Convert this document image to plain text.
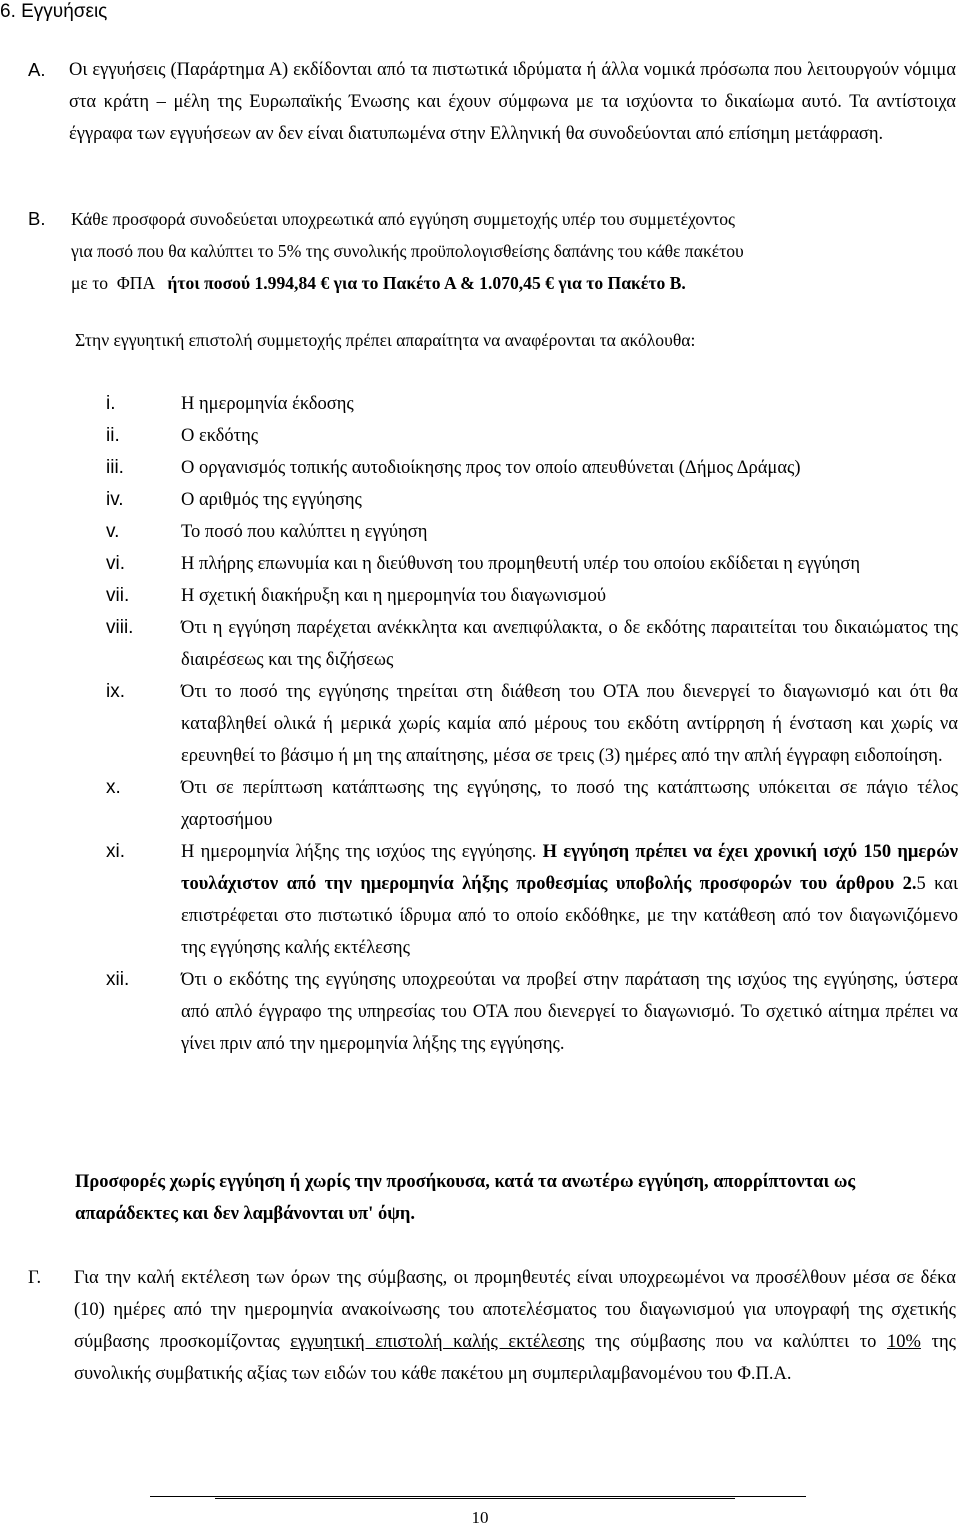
6. Εγγυήσεις
Α. Οι εγγυήσεις (Παράρτημα Α) εκδίδονται από τα πιστωτικά ιδρύματα ή άλλα νομικά πρόσωπα που λειτουργούν νόμιμα στα κράτη – μέλη της Ευρωπαϊκής Ένωσης και έχουν σύμφωνα με τα ισχύοντα το δικαίωμα αυτό. Τα αντίστοιχα έγγραφα των εγγυήσεων αν δεν είναι διατυπωμένα στην Ελληνική θα συνοδεύονται από επίσημη μετάφραση.
Β. Κάθε προσφορά συνοδεύεται υποχρεωτικά από εγγύηση συμμετοχής υπέρ του συμμετέχοντος
για ποσό που θα καλύπτει το 5% της συνολικής προϋπολογισθείσης δαπάνης του κάθε πακέτου
με το  ΦΠΑ   ήτοι ποσού 1.994,84 € για το Πακέτο Α & 1.070,45 € για το Πακέτο Β.
Στην εγγυητική επιστολή συμμετοχής πρέπει απαραίτητα να αναφέρονται τα ακόλουθα:
i.	Η ημερομηνία έκδοσης
ii.	Ο εκδότης
iii.	Ο οργανισμός τοπικής αυτοδιοίκησης προς τον οποίο απευθύνεται (Δήμος Δράμας)
iv.	Ο αριθμός της εγγύησης
v.	Το ποσό που καλύπτει η εγγύηση
vi.	Η πλήρης επωνυμία και η διεύθυνση του προμηθευτή υπέρ του οποίου εκδίδεται η εγγύηση
vii.	Η σχετική διακήρυξη και η ημερομηνία του διαγωνισμού
viii.	Ότι η εγγύηση παρέχεται ανέκκλητα και ανεπιφύλακτα, ο δε εκδότης παραιτείται του δικαιώματος της διαιρέσεως και της διζήσεως
ix.	Ότι το ποσό της εγγύησης τηρείται στη διάθεση του ΟΤΑ που διενεργεί το διαγωνισμό και ότι θα καταβληθεί ολικά ή μερικά χωρίς καμία από μέρους του εκδότη αντίρρηση ή ένσταση και χωρίς να ερευνηθεί το βάσιμο ή μη της απαίτησης, μέσα σε τρεις (3) ημέρες από την απλή έγγραφη ειδοποίηση.
x.	Ότι σε περίπτωση κατάπτωσης της εγγύησης, το ποσό της κατάπτωσης υπόκειται σε πάγιο τέλος χαρτοσήμου
xi.	Η ημερομηνία λήξης της ισχύος της εγγύησης. Η εγγύηση πρέπει να έχει χρονική ισχύ 150 ημερών τουλάχιστον από την ημερομηνία λήξης προθεσμίας υποβολής προσφορών του άρθρου 2.5 και επιστρέφεται στο πιστωτικό ίδρυμα από το οποίο εκδόθηκε, με την κατάθεση από τον διαγωνιζόμενο της εγγύησης καλής εκτέλεσης
xii.	Ότι ο εκδότης της εγγύησης υποχρεούται να προβεί στην παράταση της ισχύος της εγγύησης, ύστερα από απλό έγγραφο της υπηρεσίας του ΟΤΑ που διενεργεί το διαγωνισμό. Το σχετικό αίτημα πρέπει να γίνει πριν από την ημερομηνία λήξης της εγγύησης.
Προσφορές χωρίς εγγύηση ή χωρίς την προσήκουσα, κατά τα ανωτέρω εγγύηση, απορρίπτονται ως απαράδεκτες και δεν λαμβάνονται υπ' όψη.
Γ. Για την καλή εκτέλεση των όρων της σύμβασης, οι προμηθευτές είναι υποχρεωμένοι να προσέλθουν μέσα σε δέκα (10) ημέρες από την ημερομηνία ανακοίνωσης του αποτελέσματος του διαγωνισμού για υπογραφή της σχετικής σύμβασης προσκομίζοντας εγγυητική επιστολή καλής εκτέλεσης της σύμβασης που να καλύπτει το 10% της συνολικής συμβατικής αξίας των ειδών του κάθε πακέτου μη συμπεριλαμβανομένου του Φ.Π.Α.
10
